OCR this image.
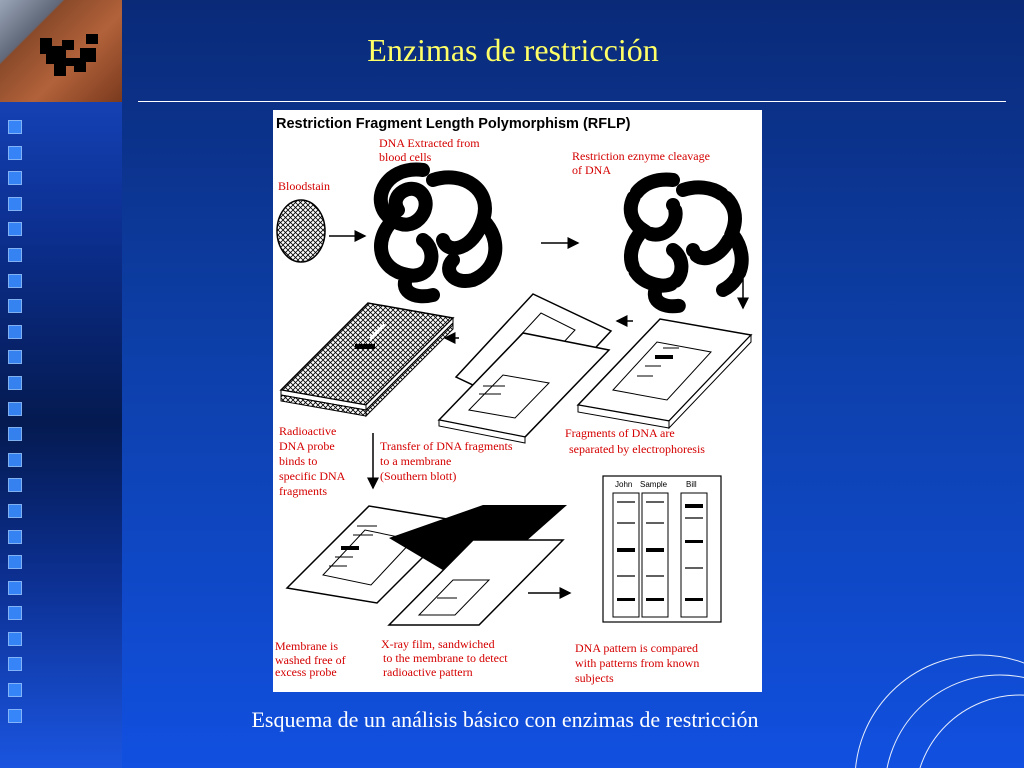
Enzimas de restricción
Restriction Fragment Length Polymorphism (RFLP)
DNA Extracted from
blood cells	Restriction eznyme cleavage
of DNA
Bloodstain
Radioactive
DNA probe
binds to
specific DNA
fragments
Transfer of DNA fragments
to a membrane
(Southern blott)
Fragments of DNA are
separated by electrophoresis
John Sample Bill
Membrane is
washed free of
excess probe
X-ray film, sandwiched
to the membrane to detect
radioactive pattern
DNA pattern is compared
with patterns from known
subjects
Esquema de un análisis básico con enzimas de restricción
